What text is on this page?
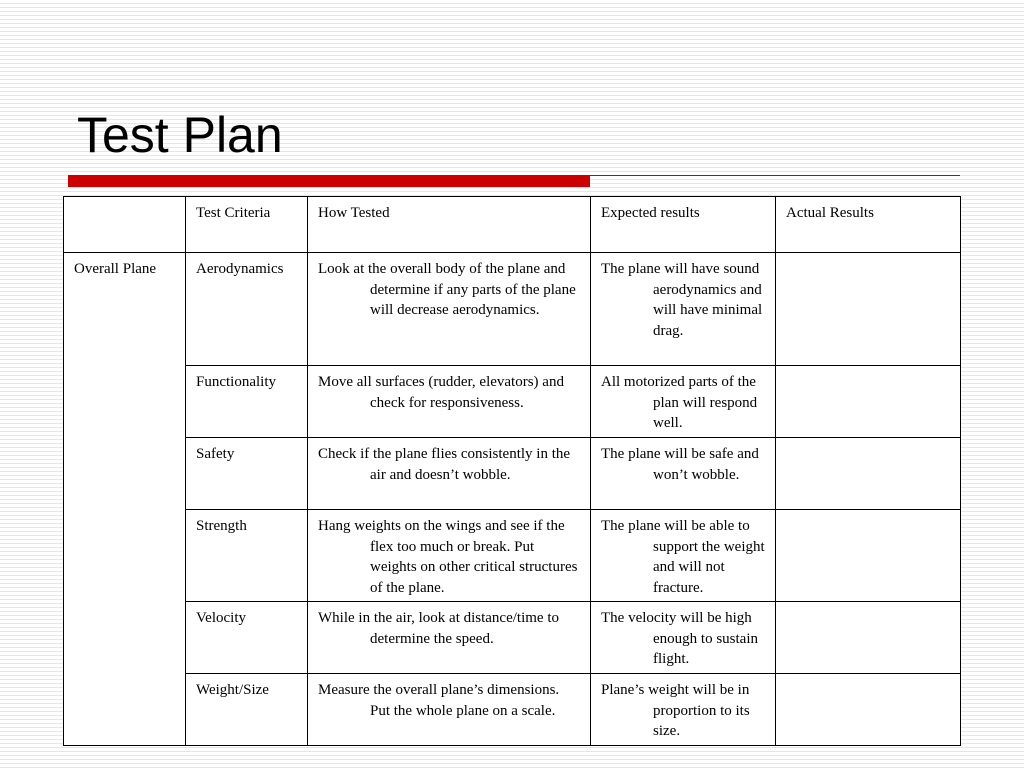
Test Plan
	Test Criteria	How Tested	Expected results	Actual Results
Overall Plane	Aerodynamics	Look at the overall body of the plane and determine if any parts of the plane will decrease aerodynamics.	The plane will have sound aerodynamics and will have minimal drag.	

	Functionality	Move all surfaces (rudder, elevators) and check for responsiveness.	All motorized parts of the plan will respond well.	

	Safety	Check if the plane flies consistently in the air and doesn’t wobble.	The plane will be safe and won’t wobble.	

	Strength	Hang weights on the wings and see if the flex too much or break. Put weights on other critical structures of the plane.	The plane will be able to support the weight and will not fracture.	

	Velocity	While in the air, look at distance/time to determine the speed.	The velocity will be high enough to sustain flight.	

	Weight/Size	Measure the overall plane’s dimensions. Put the whole plane on a scale.	Plane’s weight will be in proportion to its size.	
